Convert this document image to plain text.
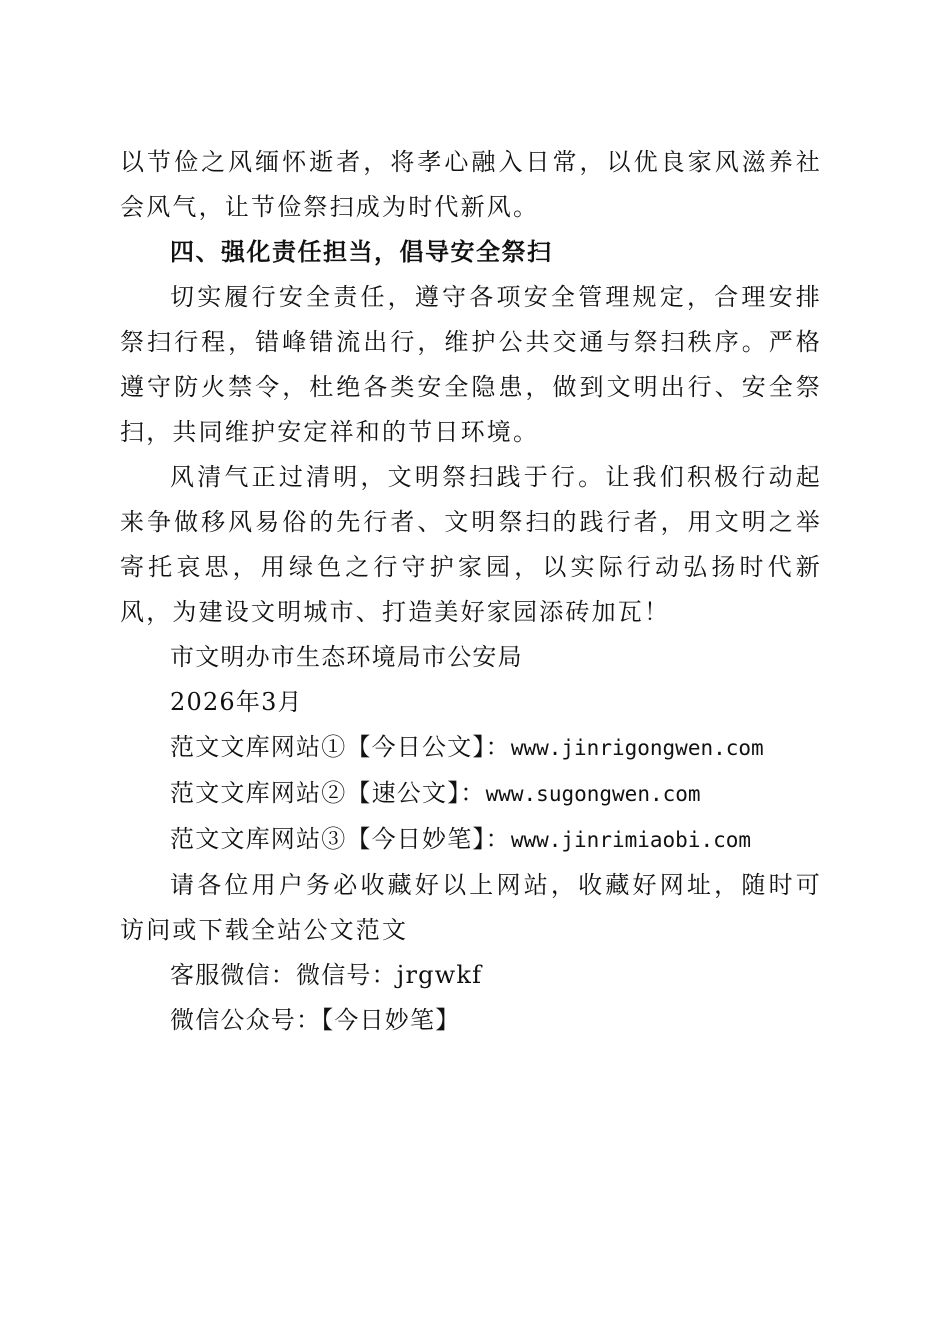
以节俭之风缅怀逝者，将孝心融入日常，以优良家风滋养社会风气，让节俭祭扫成为时代新风。

四、强化责任担当，倡导安全祭扫

切实履行安全责任，遵守各项安全管理规定，合理安排祭扫行程，错峰错流出行，维护公共交通与祭扫秩序。严格遵守防火禁令，杜绝各类安全隐患，做到文明出行、安全祭扫，共同维护安定祥和的节日环境。

风清气正过清明，文明祭扫践于行。让我们积极行动起来争做移风易俗的先行者、文明祭扫的践行者，用文明之举寄托哀思，用绿色之行守护家园，以实际行动弘扬时代新风，为建设文明城市、打造美好家园添砖加瓦！

市文明办市生态环境局市公安局

2026年3月

范文文库网站①【今日公文】：www.jinrigongwen.com

范文文库网站②【速公文】：www.sugongwen.com

范文文库网站③【今日妙笔】：www.jinrimiaobi.com

请各位用户务必收藏好以上网站，收藏好网址，随时可访问或下载全站公文范文

客服微信：微信号：jrgwkf

微信公众号：【今日妙笔】
